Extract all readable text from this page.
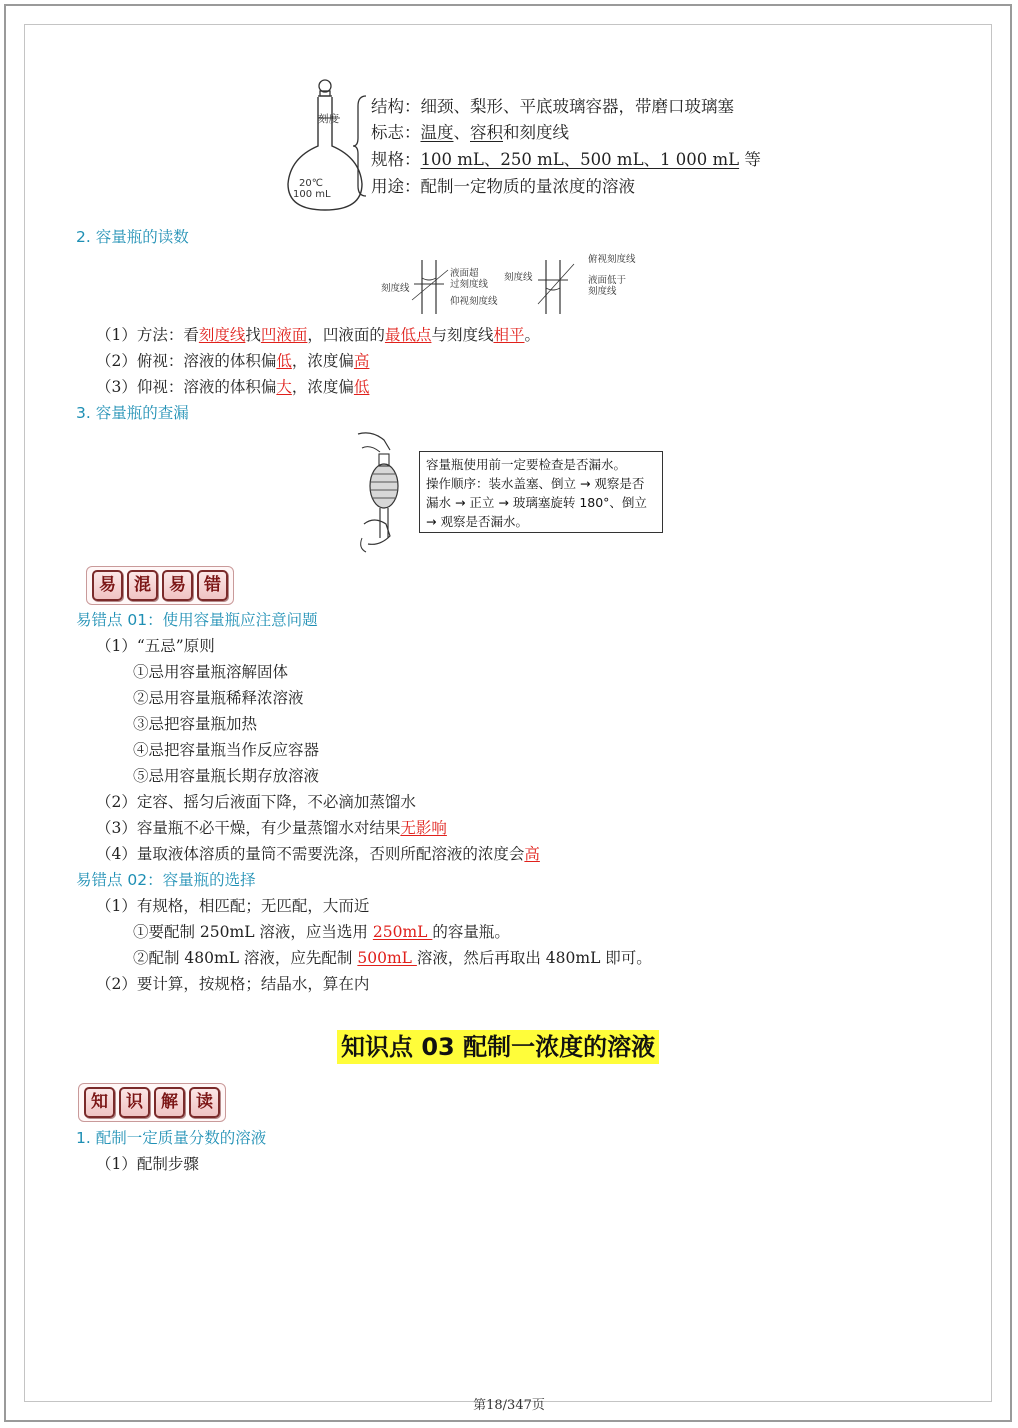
刻度
20℃
100 mL
结构：细颈、梨形、平底玻璃容器，带磨口玻璃塞
标志：温度、容积和刻度线
规格：100 mL、250 mL、500 mL、1 000 mL 等
用途：配制一定物质的量浓度的溶液
2. 容量瓶的读数
刻度线
液面超
过刻度线
仰视刻度线
刻度线
俯视刻度线
液面低于
刻度线
（1）方法：看刻度线找凹液面，凹液面的最低点与刻度线相平。
（2）俯视：溶液的体积偏低，浓度偏高
（3）仰视：溶液的体积偏大，浓度偏低
3. 容量瓶的查漏
容量瓶使用前一定要检查是否漏水。
操作顺序：装水盖塞、倒立 → 观察是否
漏水 → 正立 → 玻璃塞旋转 180°、倒立
→ 观察是否漏水。
易 混 易 错
易错点 01：使用容量瓶应注意问题
（1）“五忌”原则
①忌用容量瓶溶解固体
②忌用容量瓶稀释浓溶液
③忌把容量瓶加热
④忌把容量瓶当作反应容器
⑤忌用容量瓶长期存放溶液
（2）定容、摇匀后液面下降，不必滴加蒸馏水
（3）容量瓶不必干燥，有少量蒸馏水对结果无影响
（4）量取液体溶质的量筒不需要洗涤，否则所配溶液的浓度会高
易错点 02：容量瓶的选择
（1）有规格，相匹配；无匹配，大而近
①要配制 250mL 溶液，应当选用 250mL 的容量瓶。
②配制 480mL 溶液，应先配制 500mL 溶液，然后再取出 480mL 即可。
（2）要计算，按规格；结晶水，算在内
知识点 03 配制一浓度的溶液
知 识 解 读
1. 配制一定质量分数的溶液
（1）配制步骤
第18/347页
